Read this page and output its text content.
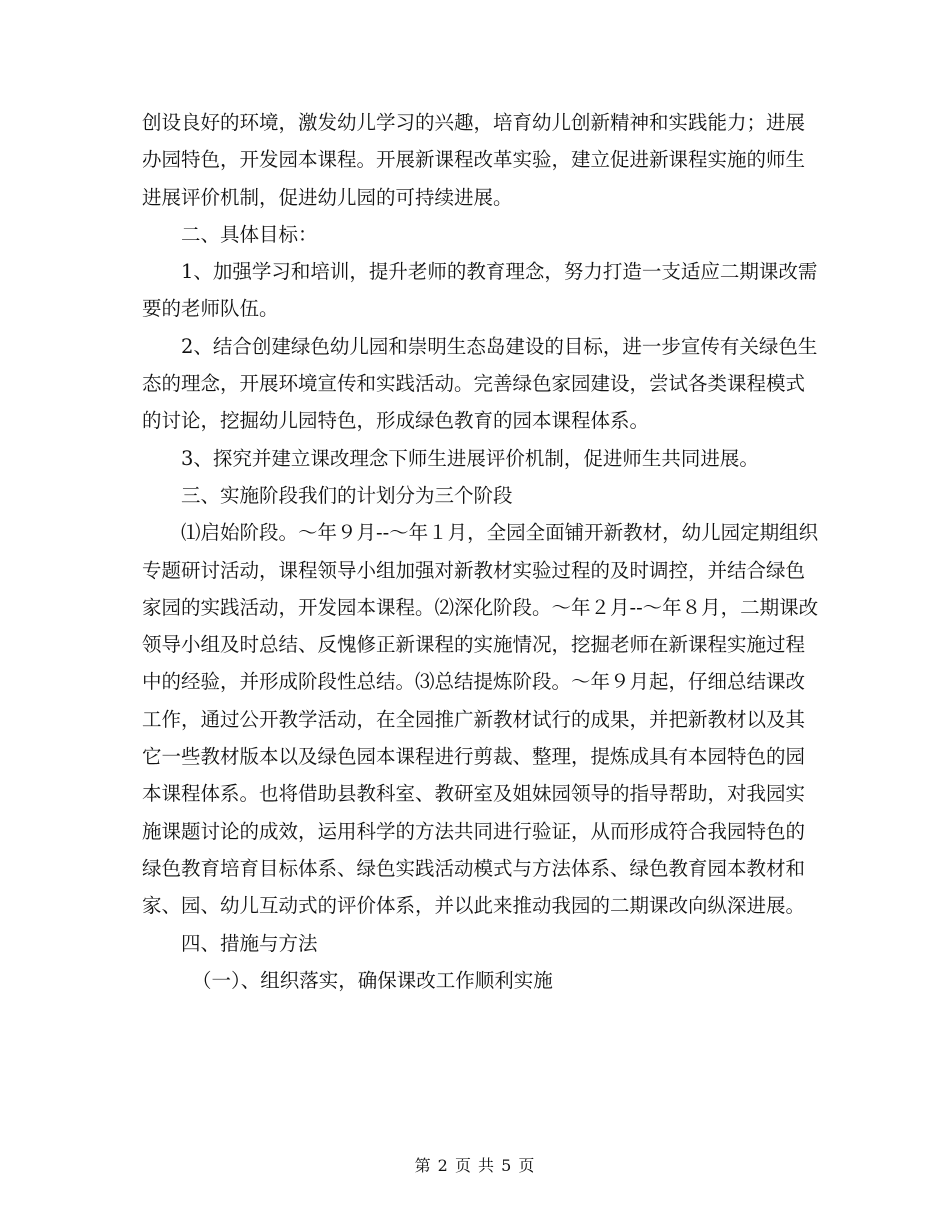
创设良好的环境，激发幼儿学习的兴趣，培育幼儿创新精神和实践能力；进展办园特色，开发园本课程。开展新课程改革实验，建立促进新课程实施的师生进展评价机制，促进幼儿园的可持续进展。

二、具体目标：

1、加强学习和培训，提升老师的教育理念，努力打造一支适应二期课改需要的老师队伍。

2、结合创建绿色幼儿园和崇明生态岛建设的目标，进一步宣传有关绿色生态的理念，开展环境宣传和实践活动。完善绿色家园建设，尝试各类课程模式的讨论，挖掘幼儿园特色，形成绿色教育的园本课程体系。

3、探究并建立课改理念下师生进展评价机制，促进师生共同进展。

三、实施阶段我们的计划分为三个阶段

⑴启始阶段。～年９月--～年１月，全园全面铺开新教材，幼儿园定期组织专题研讨活动，课程领导小组加强对新教材实验过程的及时调控，并结合绿色家园的实践活动，开发园本课程。⑵深化阶段。～年２月--～年８月，二期课改领导小组及时总结、反愧修正新课程的实施情况，挖掘老师在新课程实施过程中的经验，并形成阶段性总结。⑶总结提炼阶段。～年９月起，仔细总结课改工作，通过公开教学活动，在全园推广新教材试行的成果，并把新教材以及其它一些教材版本以及绿色园本课程进行剪裁、整理，提炼成具有本园特色的园本课程体系。也将借助县教科室、教研室及姐妹园领导的指导帮助，对我园实施课题讨论的成效，运用科学的方法共同进行验证，从而形成符合我园特色的绿色教育培育目标体系、绿色实践活动模式与方法体系、绿色教育园本教材和家、园、幼儿互动式的评价体系，并以此来推动我园的二期课改向纵深进展。

四、措施与方法

（一）、组织落实，确保课改工作顺利实施

第 2 页 共 5 页
